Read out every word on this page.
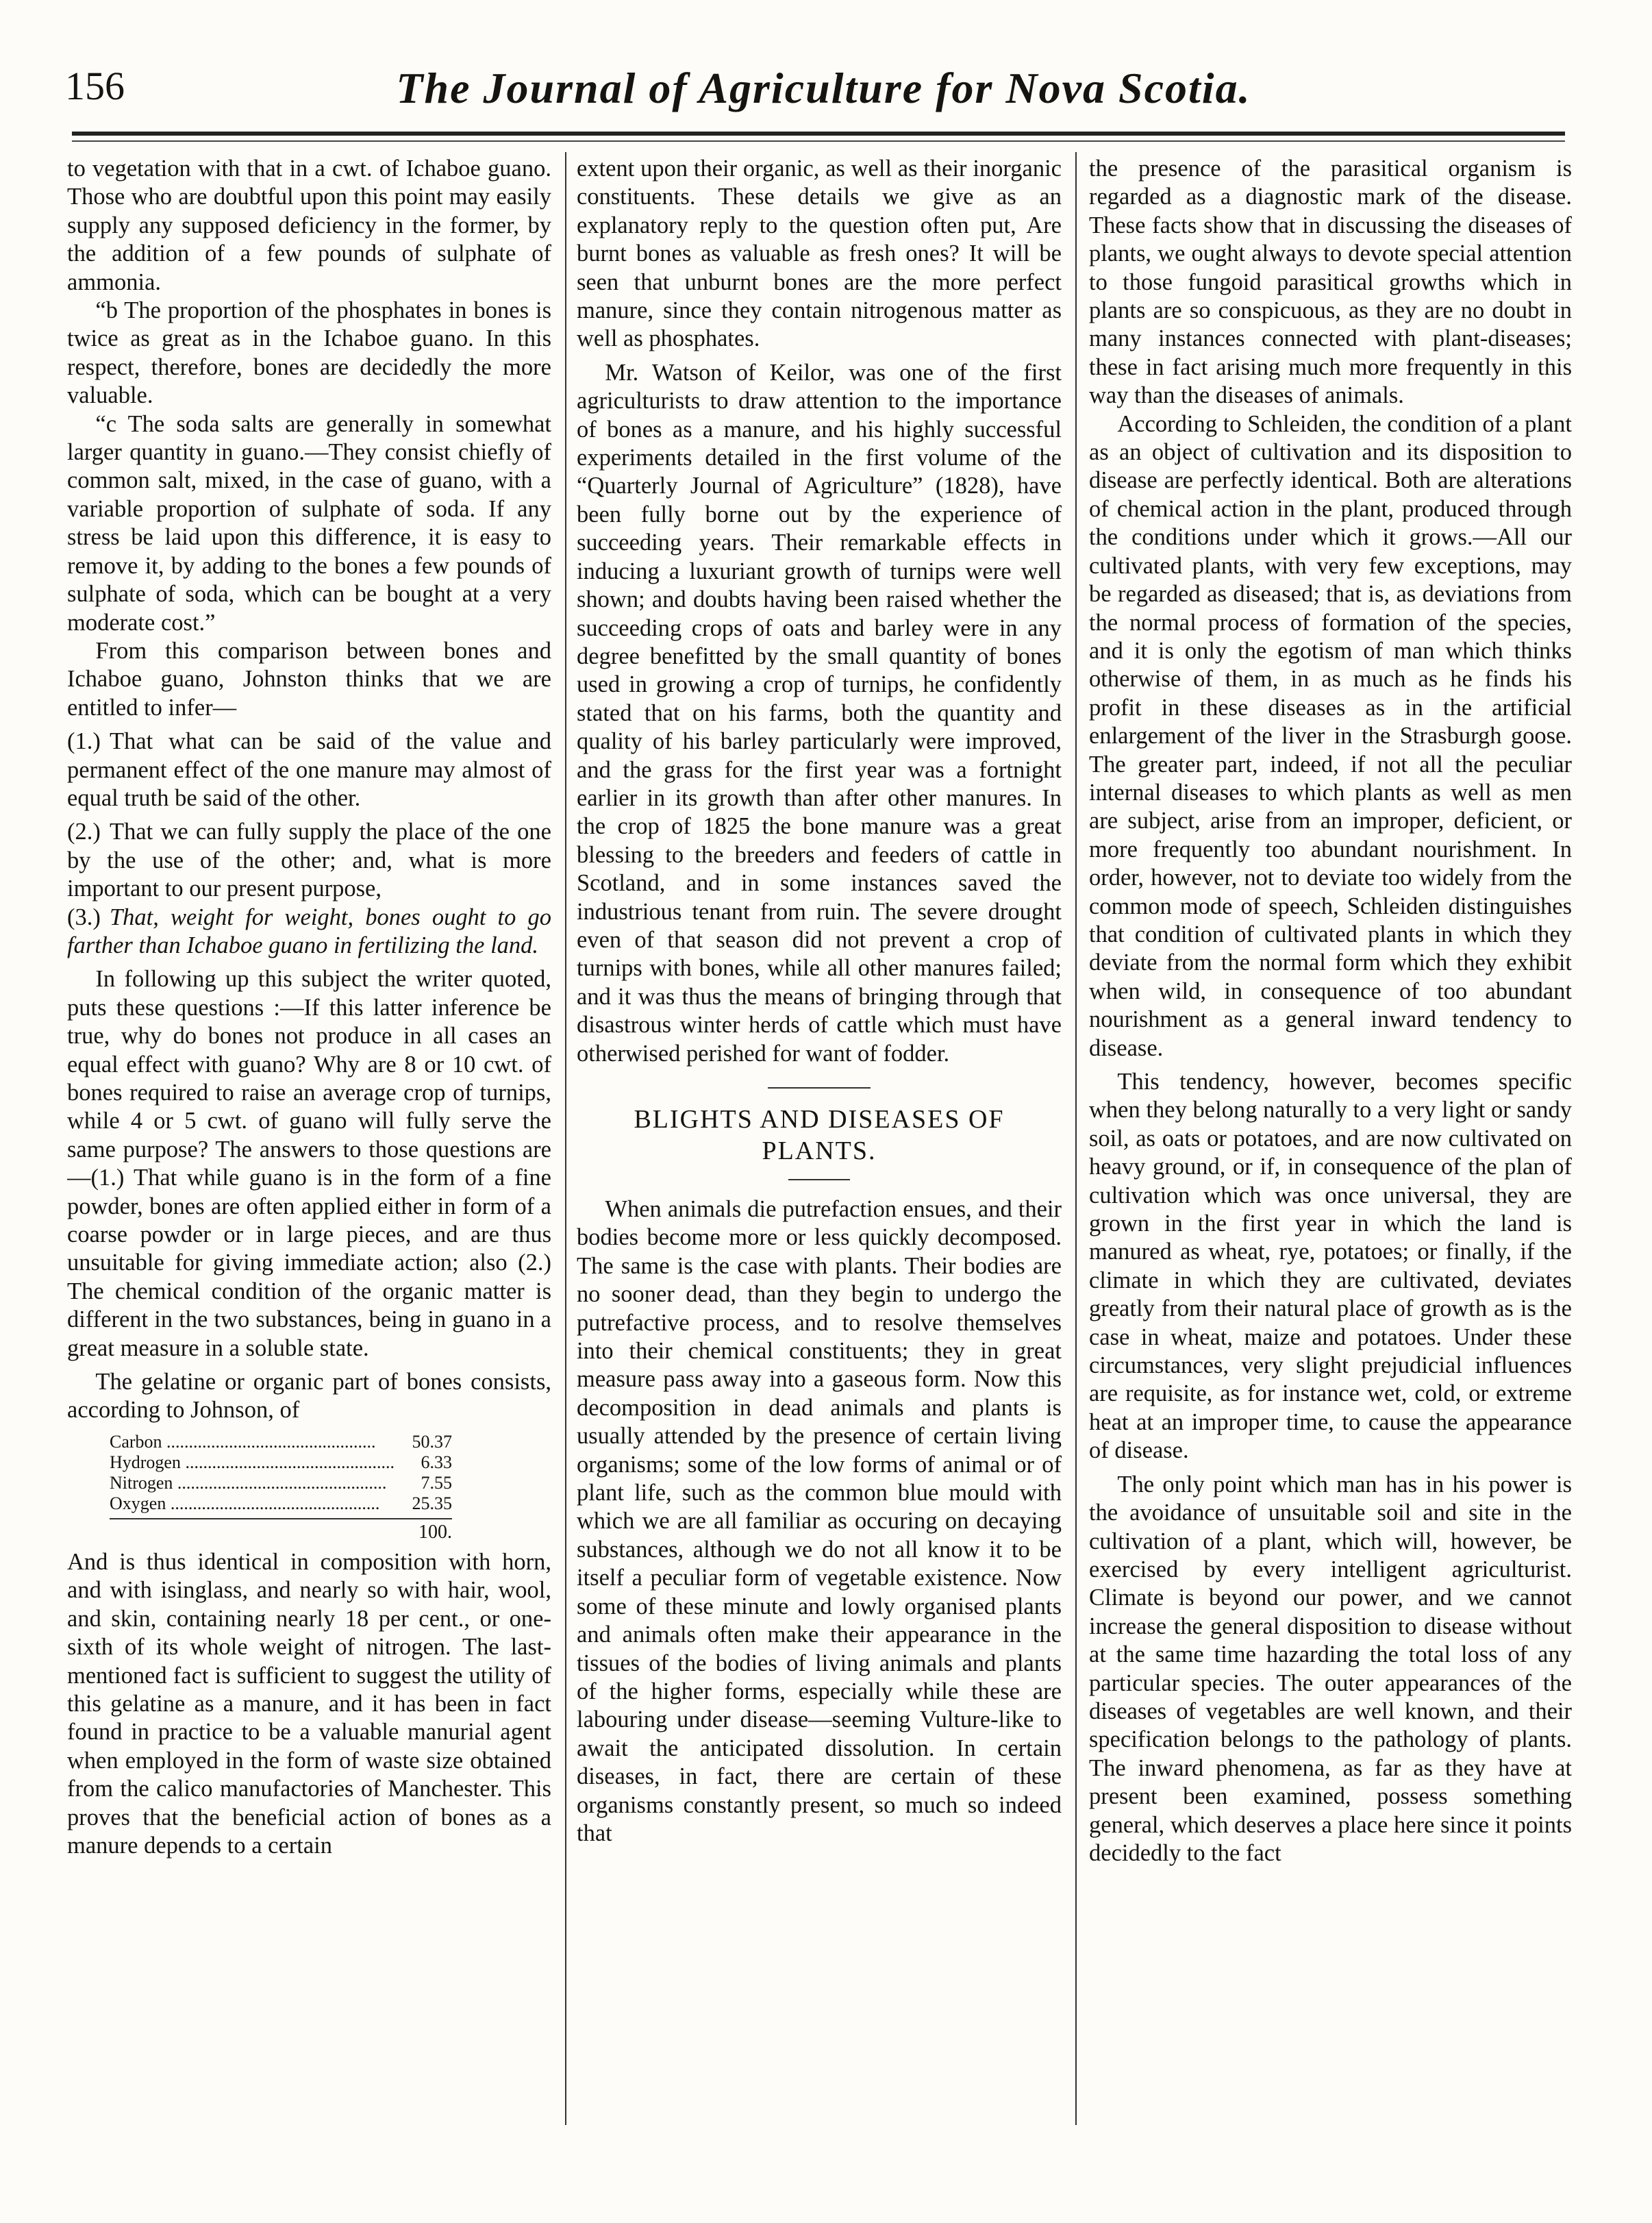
156	The Journal of Agriculture for Nova Scotia.

to vegetation with that in a cwt. of Ichaboe guano. Those who are doubtful upon this point may easily supply any supposed deficiency in the former, by the addition of a few pounds of sulphate of ammonia.

“b The proportion of the phosphates in bones is twice as great as in the Ichaboe guano. In this respect, therefore, bones are decidedly the more valuable.

“c The soda salts are generally in somewhat larger quantity in guano.—They consist chiefly of common salt, mixed, in the case of guano, with a variable proportion of sulphate of soda. If any stress be laid upon this difference, it is easy to remove it, by adding to the bones a few pounds of sulphate of soda, which can be bought at a very moderate cost.”

From this comparison between bones and Ichaboe guano, Johnston thinks that we are entitled to infer—

(1.) That what can be said of the value and permanent effect of the one manure may almost of equal truth be said of the other.

(2.) That we can fully supply the place of the one by the use of the other; and, what is more important to our present purpose,

(3.) That, weight for weight, bones ought to go farther than Ichaboe guano in fertilizing the land.

In following up this subject the writer quoted, puts these questions :—If this latter inference be true, why do bones not produce in all cases an equal effect with guano? Why are 8 or 10 cwt. of bones required to raise an average crop of turnips, while 4 or 5 cwt. of guano will fully serve the same purpose? The answers to those questions are—(1.) That while guano is in the form of a fine powder, bones are often applied either in form of a coarse powder or in large pieces, and are thus unsuitable for giving immediate action; also (2.) The chemical condition of the organic matter is different in the two substances, being in guano in a great measure in a soluble state.

The gelatine or organic part of bones consists, according to Johnson, of

Carbon .....	50.37
Hydrogen .....	6.33
Nitrogen .....	7.55
Oxygen .....	25.35
100.

And is thus identical in composition with horn, and with isinglass, and nearly so with hair, wool, and skin, containing nearly 18 per cent., or one-sixth of its whole weight of nitrogen. The last-mentioned fact is sufficient to suggest the utility of this gelatine as a manure, and it has been in fact found in practice to be a valuable manurial agent when employed in the form of waste size obtained from the calico manufactories of Manchester. This proves that the beneficial action of bones as a manure depends to a certain

extent upon their organic, as well as their inorganic constituents. These details we give as an explanatory reply to the question often put, Are burnt bones as valuable as fresh ones? It will be seen that unburnt bones are the more perfect manure, since they contain nitrogenous matter as well as phosphates.

Mr. Watson of Keilor, was one of the first agriculturists to draw attention to the importance of bones as a manure, and his highly successful experiments detailed in the first volume of the “Quarterly Journal of Agriculture” (1828), have been fully borne out by the experience of succeeding years. Their remarkable effects in inducing a luxuriant growth of turnips were well shown; and doubts having been raised whether the succeeding crops of oats and barley were in any degree benefitted by the small quantity of bones used in growing a crop of turnips, he confidently stated that on his farms, both the quantity and quality of his barley particularly were improved, and the grass for the first year was a fortnight earlier in its growth than after other manures. In the crop of 1825 the bone manure was a great blessing to the breeders and feeders of cattle in Scotland, and in some instances saved the industrious tenant from ruin. The severe drought even of that season did not prevent a crop of turnips with bones, while all other manures failed; and it was thus the means of bringing through that disastrous winter herds of cattle which must have otherwised perished for want of fodder.

BLIGHTS AND DISEASES OF PLANTS.

When animals die putrefaction ensues, and their bodies become more or less quickly decomposed. The same is the case with plants. Their bodies are no sooner dead, than they begin to undergo the putrefactive process, and to resolve themselves into their chemical constituents; they in great measure pass away into a gaseous form. Now this decomposition in dead animals and plants is usually attended by the presence of certain living organisms; some of the low forms of animal or of plant life, such as the common blue mould with which we are all familiar as occuring on decaying substances, although we do not all know it to be itself a peculiar form of vegetable existence. Now some of these minute and lowly organised plants and animals often make their appearance in the tissues of the bodies of living animals and plants of the higher forms, especially while these are labouring under disease—seeming Vulture-like to await the anticipated dissolution. In certain diseases, in fact, there are certain of these organisms constantly present, so much so indeed that

the presence of the parasitical organism is regarded as a diagnostic mark of the disease. These facts show that in discussing the diseases of plants, we ought always to devote special attention to those fungoid parasitical growths which in plants are so conspicuous, as they are no doubt in many instances connected with plant-diseases; these in fact arising much more frequently in this way than the diseases of animals.

According to Schleiden, the condition of a plant as an object of cultivation and its disposition to disease are perfectly identical. Both are alterations of chemical action in the plant, produced through the conditions under which it grows.—All our cultivated plants, with very few exceptions, may be regarded as diseased; that is, as deviations from the normal process of formation of the species, and it is only the egotism of man which thinks otherwise of them, in as much as he finds his profit in these diseases as in the artificial enlargement of the liver in the Strasburgh goose. The greater part, indeed, if not all the peculiar internal diseases to which plants as well as men are subject, arise from an improper, deficient, or more frequently too abundant nourishment. In order, however, not to deviate too widely from the common mode of speech, Schleiden distinguishes that condition of cultivated plants in which they deviate from the normal form which they exhibit when wild, in consequence of too abundant nourishment as a general inward tendency to disease.

This tendency, however, becomes specific when they belong naturally to a very light or sandy soil, as oats or potatoes, and are now cultivated on heavy ground, or if, in consequence of the plan of cultivation which was once universal, they are grown in the first year in which the land is manured as wheat, rye, potatoes; or finally, if the climate in which they are cultivated, deviates greatly from their natural place of growth as is the case in wheat, maize and potatoes. Under these circumstances, very slight prejudicial influences are requisite, as for instance wet, cold, or extreme heat at an improper time, to cause the appearance of disease.

The only point which man has in his power is the avoidance of unsuitable soil and site in the cultivation of a plant, which will, however, be exercised by every intelligent agriculturist. Climate is beyond our power, and we cannot increase the general disposition to disease without at the same time hazarding the total loss of any particular species. The outer appearances of the diseases of vegetables are well known, and their specification belongs to the pathology of plants. The inward phenomena, as far as they have at present been examined, possess something general, which deserves a place here since it points decidedly to the fact
